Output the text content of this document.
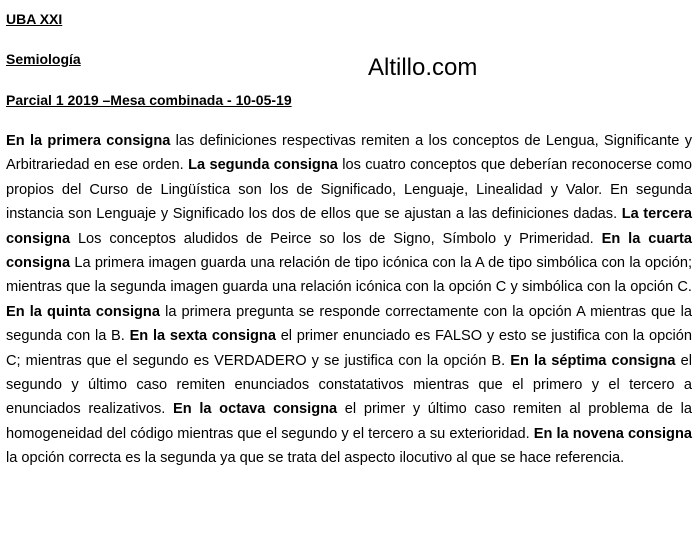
UBA XXI
Semiología
Parcial 1 2019 –Mesa combinada - 10-05-19
Altillo.com
En la primera consigna las definiciones respectivas remiten a los conceptos de Lengua, Significante y Arbitrariedad en ese orden. La segunda consigna los cuatro conceptos que deberían reconocerse como propios del Curso de Lingüística son los de Significado, Lenguaje, Linealidad y Valor. En segunda instancia son Lenguaje y Significado los dos de ellos que se ajustan a las definiciones dadas. La tercera consigna Los conceptos aludidos de Peirce so los de Signo, Símbolo y Primeridad. En la cuarta consigna La primera imagen guarda una relación de tipo icónica con la A de tipo simbólica con la opción; mientras que la segunda imagen guarda una relación icónica con la opción C y simbólica con la opción C. En la quinta consigna la primera pregunta se responde correctamente con la opción A mientras que la segunda con la B. En la sexta consigna el primer enunciado es FALSO y esto se justifica con la opción C; mientras que el segundo es VERDADERO y se justifica con la opción B. En la séptima consigna el segundo y último caso remiten enunciados constatativos mientras que el primero y el tercero a enunciados realizativos. En la octava consigna el primer y último caso remiten al problema de la homogeneidad del código mientras que el segundo y el tercero a su exterioridad. En la novena consigna la opción correcta es la segunda ya que se trata del aspecto ilocutivo al que se hace referencia.
